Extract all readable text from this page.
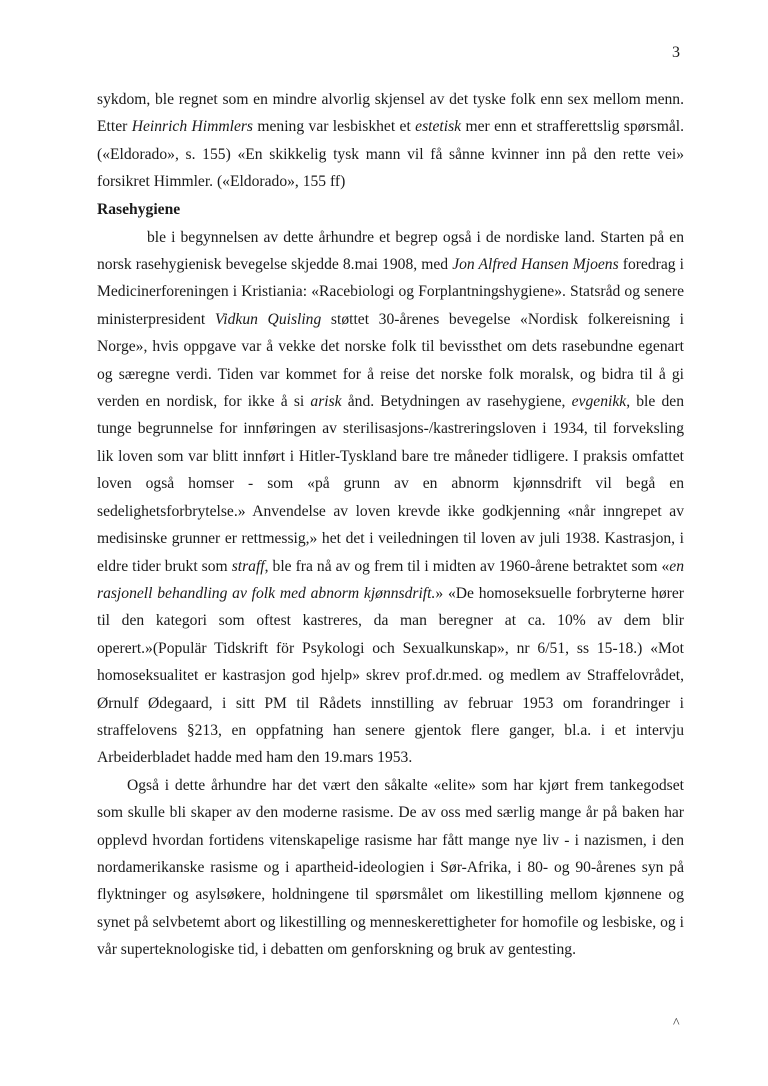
3

sykdom, ble regnet som en mindre alvorlig skjensel av det tyske folk enn sex mellom menn. Etter Heinrich Himmlers mening var lesbiskhet et estetisk mer enn et strafferettslig spørsmål. («Eldorado», s. 155) «En skikkelig tysk mann vil få sånne kvinner inn på den rette vei» forsikret Himmler. («Eldorado», 155 ff)

Rasehygiene

ble i begynnelsen av dette århundre et begrep også i de nordiske land. Starten på en norsk rasehygienisk bevegelse skjedde 8.mai 1908, med Jon Alfred Hansen Mjoens foredrag i Medicinerforeningen i Kristiania: «Racebiologi og Forplantningshygiene». Statsråd og senere ministerpresident Vidkun Quisling støttet 30-årenes bevegelse «Nordisk folkereisning i Norge», hvis oppgave var å vekke det norske folk til bevissthet om dets rasebundne egenart og særegne verdi. Tiden var kommet for å reise det norske folk moralsk, og bidra til å gi verden en nordisk, for ikke å si arisk ånd. Betydningen av rasehygiene, evgenikk, ble den tunge begrunnelse for innføringen av sterilisasjons-/kastreringsloven i 1934, til forveksling lik loven som var blitt innført i Hitler-Tyskland bare tre måneder tidligere. I praksis omfattet loven også homser - som «på grunn av en abnorm kjønnsdrift vil begå en sedelighetsforbrytelse.» Anvendelse av loven krevde ikke godkjenning «når inngrepet av medisinske grunner er rettmessig,» het det i veiledningen til loven av juli 1938. Kastrasjon, i eldre tider brukt som straff, ble fra nå av og frem til i midten av 1960-årene betraktet som «en rasjonell behandling av folk med abnorm kjønnsdrift.» «De homoseksuelle forbryterne hører til den kategori som oftest kastreres, da man beregner at ca. 10% av dem blir operert.»(Populär Tidskrift för Psykologi och Sexualkunskap», nr 6/51, ss 15-18.) «Mot homoseksualitet er kastrasjon god hjelp» skrev prof.dr.med. og medlem av Straffelovrådet, Ørnulf Ødegaard, i sitt PM til Rådets innstilling av februar 1953 om forandringer i straffelovens §213, en oppfatning han senere gjentok flere ganger, bl.a. i et intervju Arbeiderbladet hadde med ham den 19.mars 1953.

Også i dette århundre har det vært den såkalte «elite» som har kjørt frem tankegodset som skulle bli skaper av den moderne rasisme. De av oss med særlig mange år på baken har opplevd hvordan fortidens vitenskapelige rasisme har fått mange nye liv - i nazismen, i den nordamerikanske rasisme og i apartheid-ideologien i Sør-Afrika, i 80- og 90-årenes syn på flyktninger og asylsøkere, holdningene til spørsmålet om likestilling mellom kjønnene og synet på selvbetemt abort og likestilling og menneskerettigheter for homofile og lesbiske, og i vår superteknologiske tid, i debatten om genforskning og bruk av gentesting.

^
